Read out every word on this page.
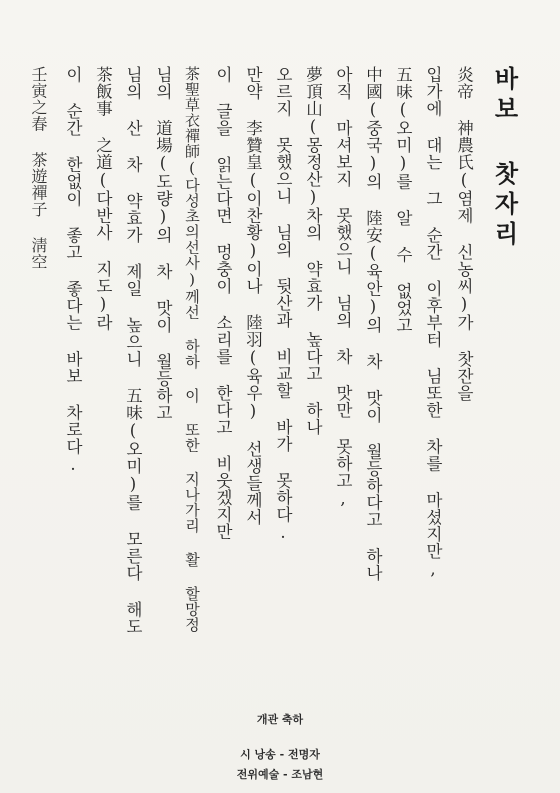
바보 찻자리
炎帝 神農氏(염제 신농씨)가 찻잔을
입가에 대는 그 순간 이후부터 님또한 차를 마셨지만,
五味(오미)를 알 수 없었고
中國(중국)의 陸安(육안)의 차 맛이 월등하다고 하나
아직 마셔보지 못했으니 님의 차 맛만 못하고,
夢頂山(몽정산)차의 약효가 높다고 하나
오르지 못했으니 님의 뒷산과 비교할 바가 못하다.
만약 李贊皇(이찬황)이나 陸羽(육우) 선생들께서
이 글을 읽는다면 멍충이 소리를 한다고 비웃겠지만
茶聖草衣禪師(다성초의선사)께선 하하 이 또한 지나가리 활 할망정
님의 道場(도량)의 차 맛이 월등하고
님의 산 차 약효가 제일 높으니 五味(오미)를 모른다 해도
茶飯事 之道(다반사 지도)라
이 순간 한없이 좋고 좋다는 바보 차로다.
壬寅之春 茶遊禪子 淸空
개관 축하
시 낭송 - 전명자
전위예술 - 조남현
